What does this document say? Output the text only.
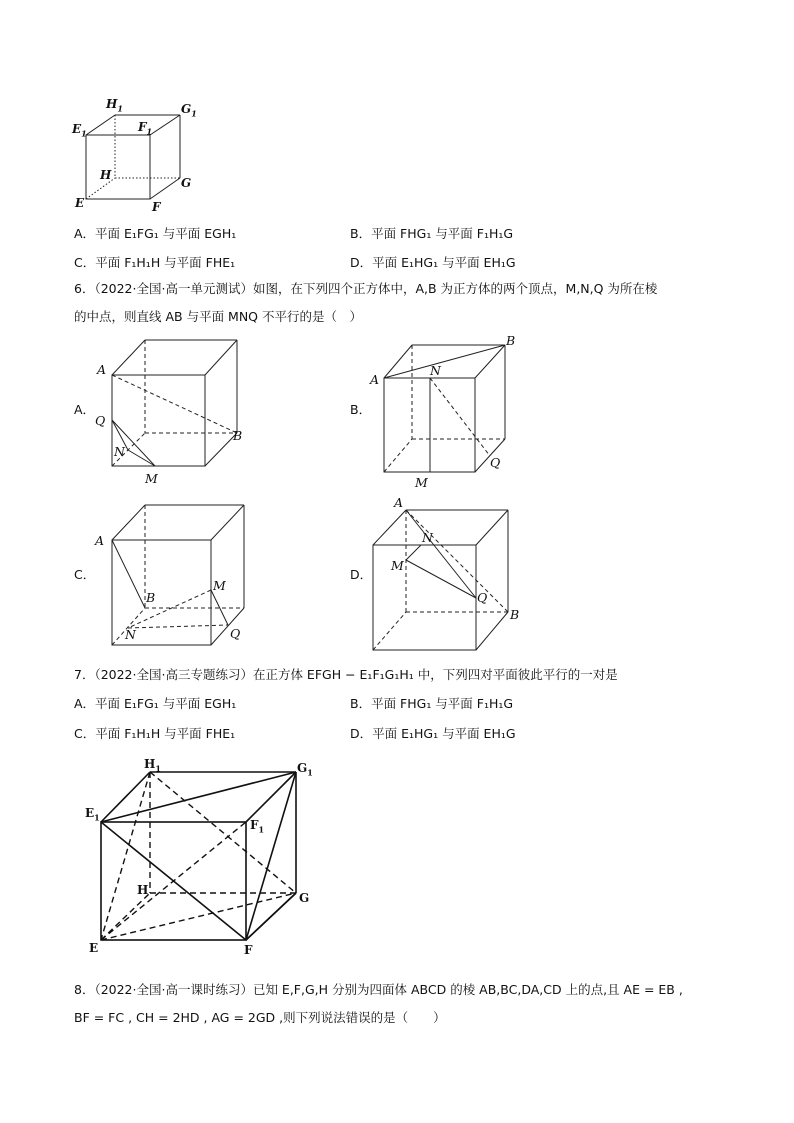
$H_1$	$G_1$
$E_1$	$F_1$
H
G
E	F
A．平面 E₁FG₁ 与平面 EGH₁	B．平面 FHG₁ 与平面 F₁H₁G
C．平面 F₁H₁H 与平面 FHE₁	D．平面 E₁HG₁ 与平面 EH₁G
6．（2022·全国·高一单元测试）如图，在下列四个正方体中，A,B 为正方体的两个顶点，M,N,Q 为所在棱
的中点，则直线 AB 与平面 MNQ 不平行的是（　）
A．
A
B
Q
N
M
B．
A
B
N
Q
M
C．
A
B
M
N	Q
D．
A
B
N
M
Q
7．（2022·全国·高三专题练习）在正方体 EFGH − E₁F₁G₁H₁ 中，下列四对平面彼此平行的一对是
A．平面 E₁FG₁ 与平面 EGH₁	B．平面 FHG₁ 与平面 F₁H₁G
C．平面 F₁H₁H 与平面 FHE₁	D．平面 E₁HG₁ 与平面 EH₁G
$H_1$	$G_1$
$E_1$
$F_1$
H
G
E	F
8．（2022·全国·高一课时练习）已知 E,F,G,H 分别为四面体 ABCD 的棱 AB,BC,DA,CD 上的点,且 AE = EB ,
BF = FC , CH = 2HD , AG = 2GD ,则下列说法错误的是（　　）
